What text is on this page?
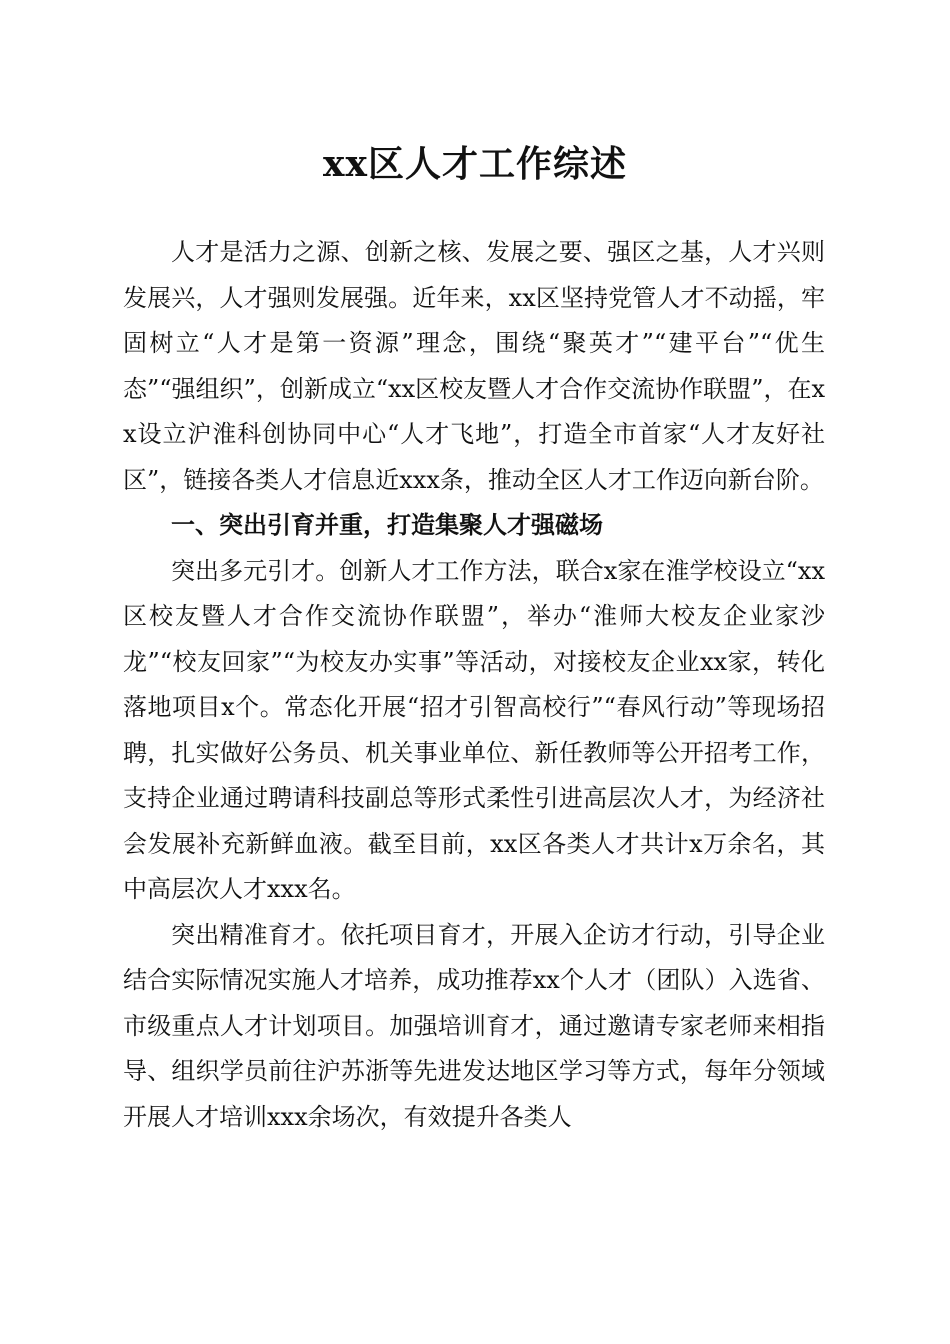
xx区人才工作综述

人才是活力之源、创新之核、发展之要、强区之基，人才兴则发展兴，人才强则发展强。近年来，xx区坚持党管人才不动摇，牢固树立“人才是第一资源”理念，围绕“聚英才”“建平台”“优生态”“强组织”，创新成立“xx区校友暨人才合作交流协作联盟”，在xx设立沪淮科创协同中心“人才飞地”，打造全市首家“人才友好社区”，链接各类人才信息近xxx条，推动全区人才工作迈向新台阶。

一、突出引育并重，打造集聚人才强磁场

突出多元引才。创新人才工作方法，联合x家在淮学校设立“xx区校友暨人才合作交流协作联盟”，举办“淮师大校友企业家沙龙”“校友回家”“为校友办实事”等活动，对接校友企业xx家，转化落地项目x个。常态化开展“招才引智高校行”“春风行动”等现场招聘，扎实做好公务员、机关事业单位、新任教师等公开招考工作，支持企业通过聘请科技副总等形式柔性引进高层次人才，为经济社会发展补充新鲜血液。截至目前，xx区各类人才共计x万余名，其中高层次人才xxx名。

突出精准育才。依托项目育才，开展入企访才行动，引导企业结合实际情况实施人才培养，成功推荐xx个人才（团队）入选省、市级重点人才计划项目。加强培训育才，通过邀请专家老师来相指导、组织学员前往沪苏浙等先进发达地区学习等方式，每年分领域开展人才培训xxx余场次，有效提升各类人
